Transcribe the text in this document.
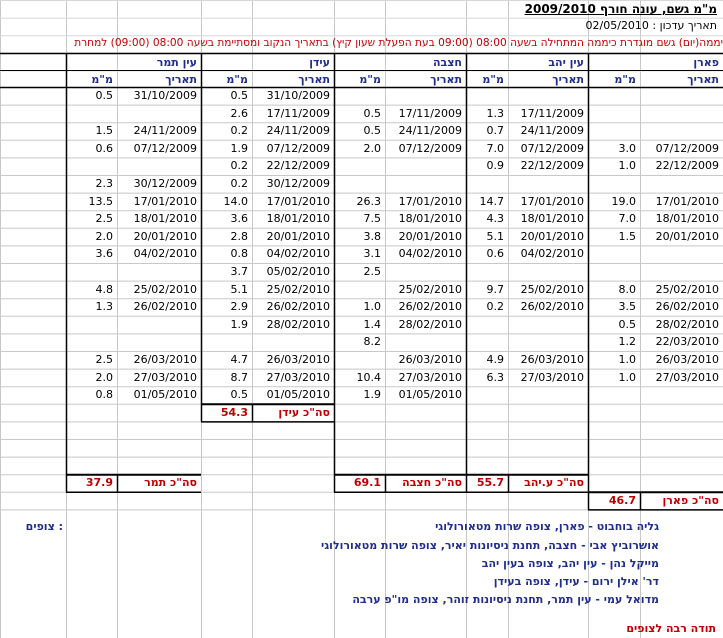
מ"מ גשם, עונה חורף 2009/2010
תאריך עדכון : 02/05/2010
יממה(יום) גשם מוגדרת כיממה המתחילה בשעה 08:00 (09:00 בעת הפעלת שעון קיץ) בתאריך הנקוב ומסתיימת בשעה 08:00 (09:00) למחרת
פארן
תאריך
מ"מ
07/12/2009
3.0
22/12/2009
1.0
17/01/2010
19.0
18/01/2010
7.0
20/01/2010
1.5
25/02/2010
8.0
26/02/2010
3.5
28/02/2010
0.5
22/03/2010
1.2
26/03/2010
1.0
27/03/2010
1.0
סה"כ פארן
46.7
עין יהב
תאריך
מ"מ
17/11/2009
1.3
24/11/2009
0.7
07/12/2009
7.0
22/12/2009
0.9
17/01/2010
14.7
18/01/2010
4.3
20/01/2010
5.1
04/02/2010
0.6
25/02/2010
9.7
26/02/2010
0.2
26/03/2010
4.9
27/03/2010
6.3
סה"כ ע.יהב
55.7
חצבה
תאריך
מ"מ
17/11/2009
0.5
24/11/2009
0.5
07/12/2009
2.0
17/01/2010
26.3
18/01/2010
7.5
20/01/2010
3.8
04/02/2010
3.1
2.5
25/02/2010
26/02/2010
1.0
28/02/2010
1.4
8.2
26/03/2010
27/03/2010
10.4
01/05/2010
1.9
סה"כ חצבה
69.1
עידן
תאריך
מ"מ
31/10/2009
0.5
17/11/2009
2.6
24/11/2009
0.2
07/12/2009
1.9
22/12/2009
0.2
30/12/2009
0.2
17/01/2010
14.0
18/01/2010
3.6
20/01/2010
2.8
04/02/2010
0.8
05/02/2010
3.7
25/02/2010
5.1
26/02/2010
2.9
28/02/2010
1.9
26/03/2010
4.7
27/03/2010
8.7
01/05/2010
0.5
סה"כ עידן
54.3
עין תמר
תאריך
מ"מ
31/10/2009
0.5
24/11/2009
1.5
07/12/2009
0.6
30/12/2009
2.3
17/01/2010
13.5
18/01/2010
2.5
20/01/2010
2.0
04/02/2010
3.6
25/02/2010
4.8
26/02/2010
1.3
26/03/2010
2.5
27/03/2010
2.0
01/05/2010
0.8
סה"כ תמר
37.9
צופים :	גליה בוחבוט - פארן, צופה שרות מטאורולוגי
אושרוביץ אבי - חצבה, תחנת ניסיונות יאיר, צופה שרות מטאורולוגי
מייקל נהן - עין יהב, צופה בעין יהב
דר' אילן ירום - עידן, צופה בעידן
מדואל עמי - עין תמר, תחנת ניסיונות זוהר, צופה מו"פ ערבה
תודה רבה לצופים
